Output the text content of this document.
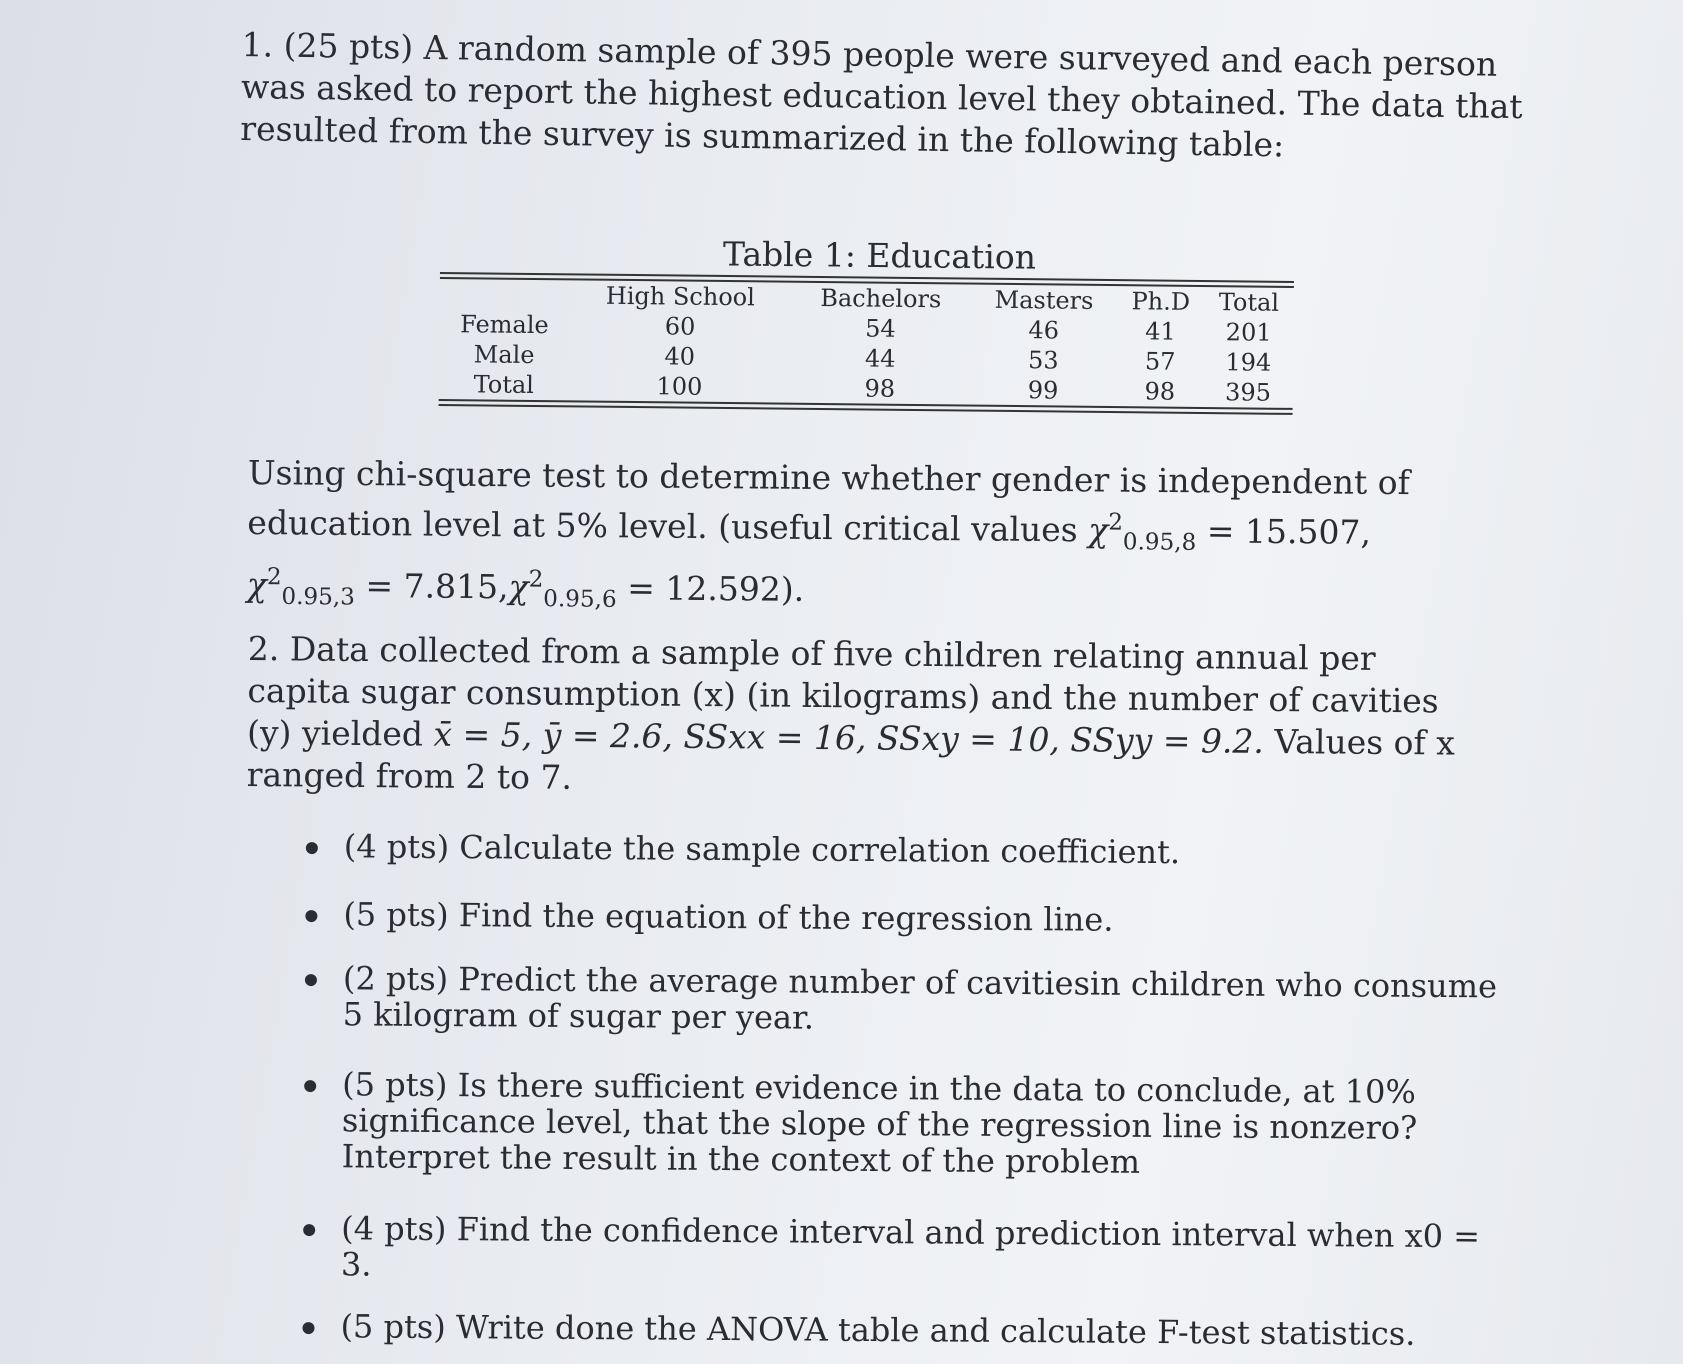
1. (25 pts) A random sample of 395 people were surveyed and each person was asked to report the highest education level they obtained. The data that resulted from the survey is summarized in the following table:
Table 1: Education
	High School	Bachelors	Masters	Ph.D	Total
Female	60	54	46	41	201
Male	40	44	53	57	194
Total	100	98	99	98	395
Using chi-square test to determine whether gender is independent of education level at 5% level. (useful critical values $\chi^2_{0.95,8} = 15.507$, $\chi^2_{0.95,3} = 7.815,\chi^2_{0.95,6} = 12.592$).
2. Data collected from a sample of five children relating annual per capita sugar consumption (x) (in kilograms) and the number of cavities (y) yielded x̄ = 5, ȳ = 2.6, SSxx = 16, SSxy = 10, SSyy = 9.2. Values of x ranged from 2 to 7.
(4 pts) Calculate the sample correlation coefficient.
(5 pts) Find the equation of the regression line.
(2 pts) Predict the average number of cavitiesin children who consume 5 kilogram of sugar per year.
(5 pts) Is there sufficient evidence in the data to conclude, at 10% significance level, that the slope of the regression line is nonzero? Interpret the result in the context of the problem
(4 pts) Find the confidence interval and prediction interval when x0 = 3.
(5 pts) Write done the ANOVA table and calculate F-test statistics.
